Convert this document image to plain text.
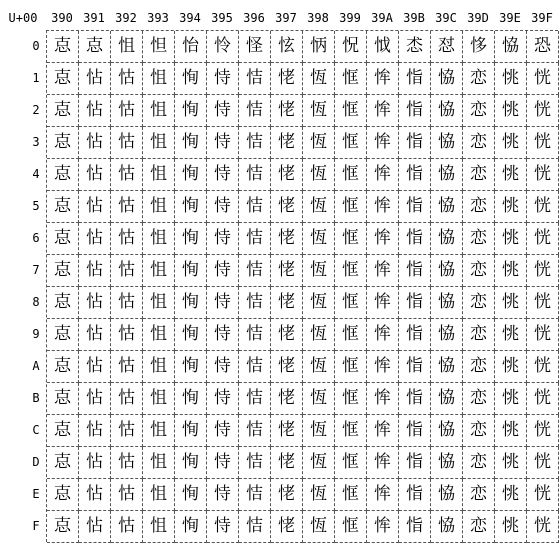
U+00	390 391 392 393 394 395 396 397 398 399 39A 39B 39C 39D 39E 39F
0 怘 怘 怚 怛 怡 怜 怪 怰 怲 怳 怴 怸 怼 恀 恊 恐
1 怘 怗 怙 怚 恂 恃 恄 恅 恆 恇 恈 恉 恊 恋 恌 恍
2 怘 怗 怙 怚 恂 恃 恄 恅 恆 恇 恈 恉 恊 恋 恌 恍
3 怘 怗 怙 怚 恂 恃 恄 恅 恆 恇 恈 恉 恊 恋 恌 恍
4 怘 怗 怙 怚 恂 恃 恄 恅 恆 恇 恈 恉 恊 恋 恌 恍
5 怘 怗 怙 怚 恂 恃 恄 恅 恆 恇 恈 恉 恊 恋 恌 恍
6 怘 怗 怙 怚 恂 恃 恄 恅 恆 恇 恈 恉 恊 恋 恌 恍
7 怘 怗 怙 怚 恂 恃 恄 恅 恆 恇 恈 恉 恊 恋 恌 恍
8 怘 怗 怙 怚 恂 恃 恄 恅 恆 恇 恈 恉 恊 恋 恌 恍
9 怘 怗 怙 怚 恂 恃 恄 恅 恆 恇 恈 恉 恊 恋 恌 恍
A 怘 怗 怙 怚 恂 恃 恄 恅 恆 恇 恈 恉 恊 恋 恌 恍
B 怘 怗 怙 怚 恂 恃 恄 恅 恆 恇 恈 恉 恊 恋 恌 恍
C 怘 怗 怙 怚 恂 恃 恄 恅 恆 恇 恈 恉 恊 恋 恌 恍
D 怘 怗 怙 怚 恂 恃 恄 恅 恆 恇 恈 恉 恊 恋 恌 恍
E 怘 怗 怙 怚 恂 恃 恄 恅 恆 恇 恈 恉 恊 恋 恌 恍
F 怘 怗 怙 怚 恂 恃 恄 恅 恆 恇 恈 恉 恊 恋 恌 恍
